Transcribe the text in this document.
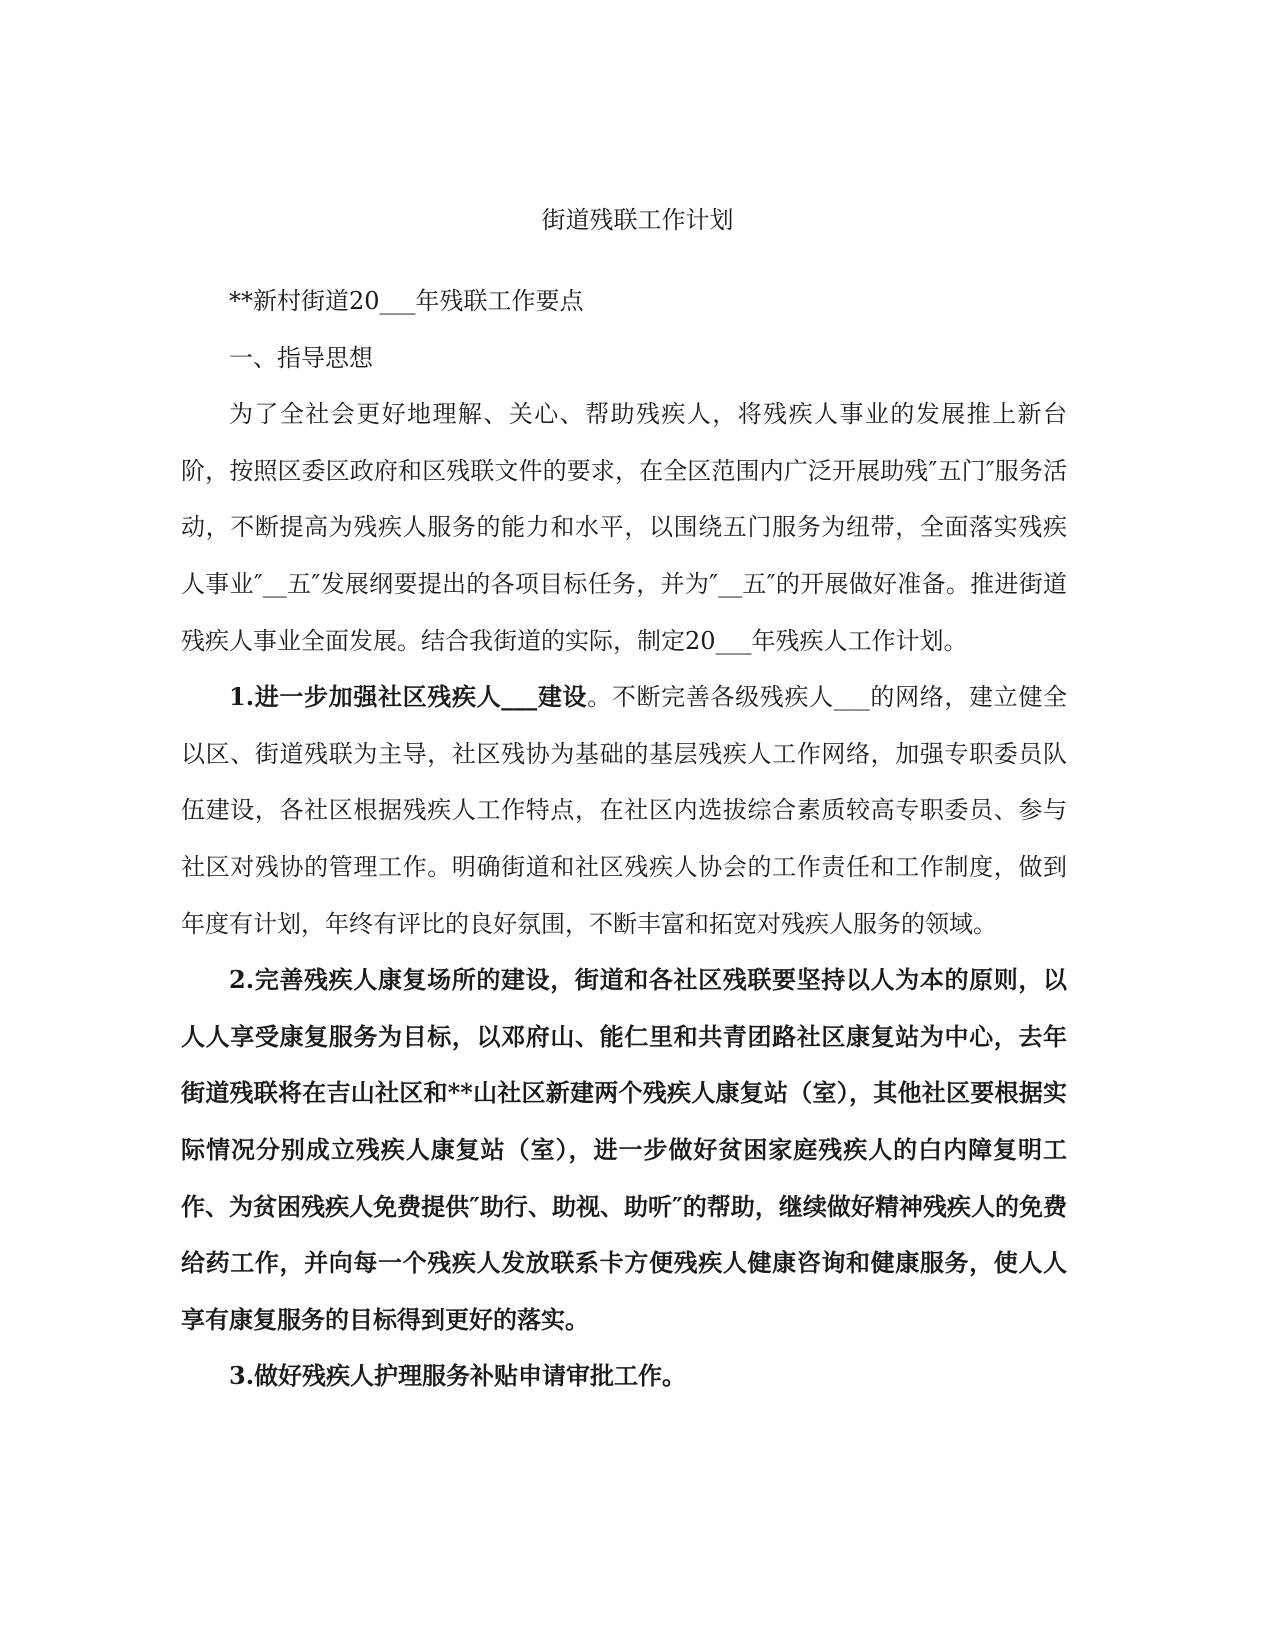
街道残联工作计划

**新村街道20___年残联工作要点

一、指导思想

为了全社会更好地理解、关心、帮助残疾人，将残疾人事业的发展推上新台阶，按照区委区政府和区残联文件的要求，在全区范围内广泛开展助残″五门″服务活动，不断提高为残疾人服务的能力和水平，以围绕五门服务为纽带，全面落实残疾人事业″__五″发展纲要提出的各项目标任务，并为″__五″的开展做好准备。推进街道残疾人事业全面发展。结合我街道的实际，制定20___年残疾人工作计划。

1.进一步加强社区残疾人___建设。不断完善各级残疾人___的网络，建立健全以区、街道残联为主导，社区残协为基础的基层残疾人工作网络，加强专职委员队伍建设，各社区根据残疾人工作特点，在社区内选拔综合素质较高专职委员、参与社区对残协的管理工作。明确街道和社区残疾人协会的工作责任和工作制度，做到年度有计划，年终有评比的良好氛围，不断丰富和拓宽对残疾人服务的领域。

2.完善残疾人康复场所的建设，街道和各社区残联要坚持以人为本的原则，以人人享受康复服务为目标，以邓府山、能仁里和共青团路社区康复站为中心，去年街道残联将在吉山社区和**山社区新建两个残疾人康复站（室），其他社区要根据实际情况分别成立残疾人康复站（室），进一步做好贫困家庭残疾人的白内障复明工作、为贫困残疾人免费提供″助行、助视、助听″的帮助，继续做好精神残疾人的免费给药工作，并向每一个残疾人发放联系卡方便残疾人健康咨询和健康服务，使人人享有康复服务的目标得到更好的落实。

3.做好残疾人护理服务补贴申请审批工作。
